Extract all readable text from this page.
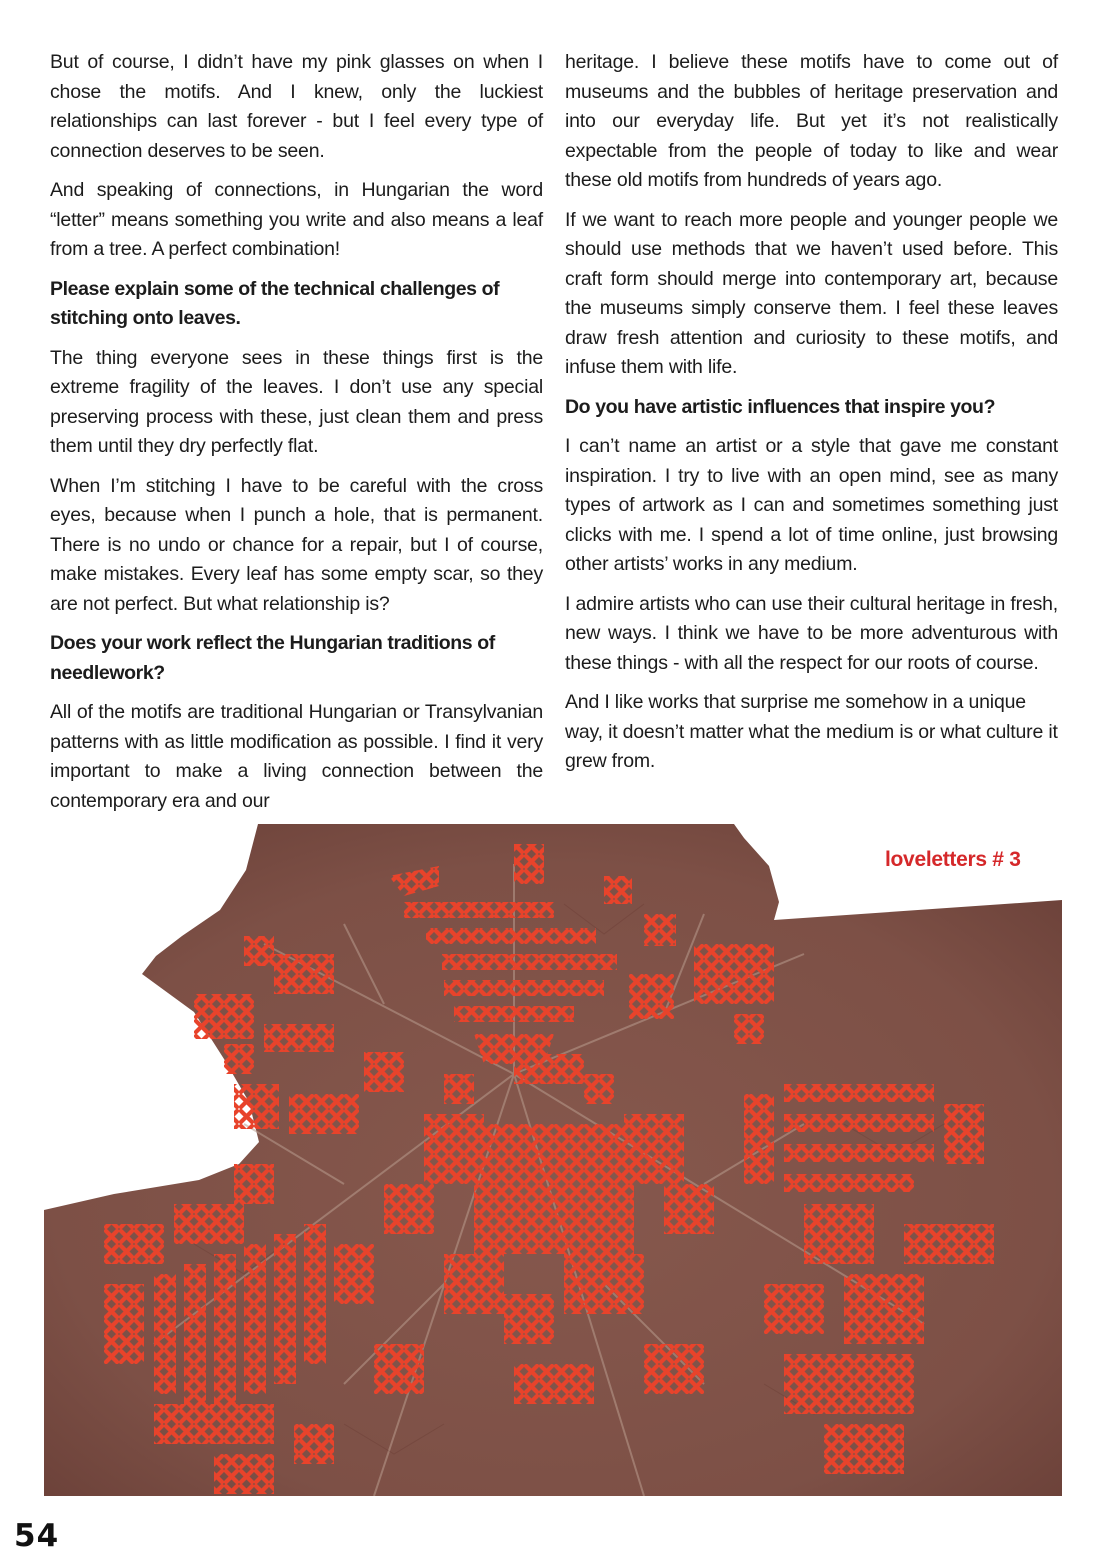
But of course, I didn’t have my pink glasses on when I chose the motifs. And I knew, only the luckiest relationships can last forever - but I feel every type of connection deserves to be seen.

And speaking of connections, in Hungarian the word “letter” means something you write and also means a leaf from a tree. A perfect combination!

Please explain some of the technical challenges of stitching onto leaves.

The thing everyone sees in these things first is the extreme fragility of the leaves. I don’t use any special preserving process with these, just clean them and press them until they dry perfectly flat.

When I’m stitching I have to be careful with the cross eyes, because when I punch a hole, that is permanent. There is no undo or chance for a repair, but I of course, make mistakes. Every leaf has some empty scar, so they are not perfect. But what relationship is?

Does your work reflect the Hungarian traditions of needlework?

All of the motifs are traditional Hungarian or Transylvanian patterns with as little modification as possible. I find it very important to make a living connection between the contemporary era and our

heritage. I believe these motifs have to come out of museums and the bubbles of heritage preservation and into our everyday life. But yet it’s not realistically expectable from the people of today to like and wear these old motifs from hundreds of years ago.

If we want to reach more people and younger people we should use methods that we haven’t used before. This craft form should merge into contemporary art, because the museums simply conserve them. I feel these leaves draw fresh attention and curiosity to these motifs, and infuse them with life.

Do you have artistic influences that inspire you?

I can’t name an artist or a style that gave me constant inspiration. I try to live with an open mind, see as many types of artwork as I can and sometimes something just clicks with me. I spend a lot of time online, just browsing other artists’ works in any medium.

I admire artists who can use their cultural heritage in fresh, new ways. I think we have to be more adventurous with these things - with all the respect for our roots of course.

And I like works that surprise me somehow in a unique way, it doesn’t matter what the medium is or what culture it grew from.

loveletters # 3
54
